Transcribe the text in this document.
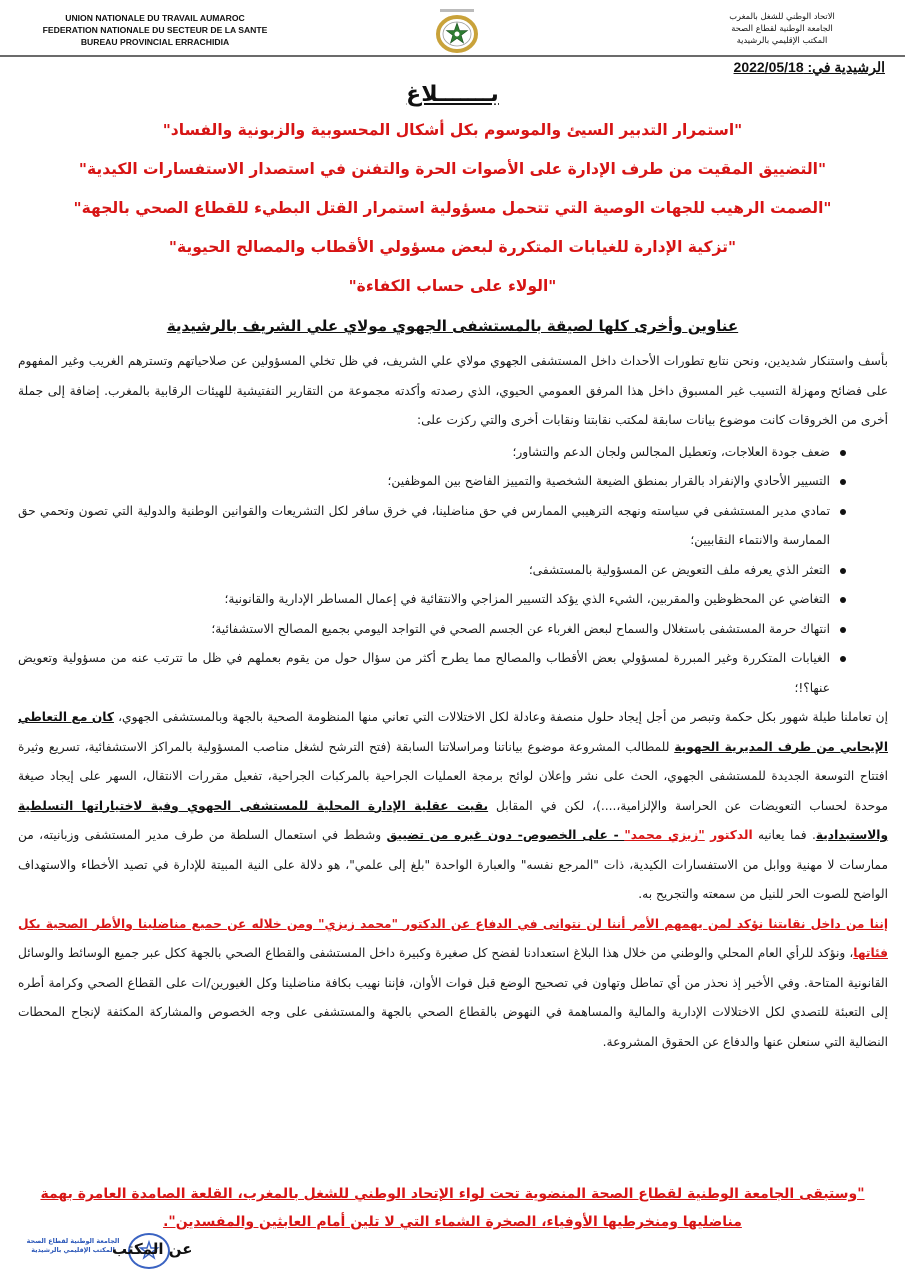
UNION NATIONALE DU TRAVAIL AUMAROC
FEDERATION NATIONALE DU SECTEUR DE LA SANTE
BUREAU PROVINCIAL ERRACHIDIA
الاتحاد الوطني للشغل بالمغرب
الجامعة الوطنية لقطاع الصحة
المكتب الإقليمي بالرشيدية
الرشيدية في: 2022/05/18
بـــــــلاغ
"استمرار التدبير السيئ والموسوم بكل أشكال المحسوبية والزبونية والفساد"
"التضييق المقيت من طرف الإدارة على الأصوات الحرة والتفنن في استصدار الاستفسارات الكيدية"
"الصمت الرهيب للجهات الوصية التي تتحمل مسؤولية استمرار القتل البطيء للقطاع الصحي بالجهة"
"تزكية الإدارة للغيابات المتكررة لبعض مسؤولي الأقطاب والمصالح الحيوية"
"الولاء على حساب الكفاءة"
عناوين وأخرى كلها لصيقة بالمستشفى الجهوي مولاي علي الشريف بالرشيدية

بأسف واستنكار شديدين، ونحن نتابع تطورات الأحداث داخل المستشفى الجهوي مولاي علي الشريف، في ظل تخلي المسؤولين عن صلاحياتهم وتسترهم الغريب وغير المفهوم على فضائح ومهزلة التسيب غير المسبوق داخل هذا المرفق العمومي الحيوي، الذي رصدته وأكدته مجموعة من التقارير التفتيشية للهيئات الرقابية بالمغرب. إضافة إلى جملة أخرى من الخروقات كانت موضوع بيانات سابقة لمكتب نقابتنا ونقابات أخرى والتي ركزت على:

ضعف جودة العلاجات، وتعطيل المجالس ولجان الدعم والتشاور؛
التسيير الأحادي والإنفراد بالقرار بمنطق الضيعة الشخصية والتمييز الفاضح بين الموظفين؛
تمادي مدير المستشفى في سياسته ونهجه الترهيبي الممارس في حق مناضلينا، في خرق سافر لكل التشريعات والقوانين الوطنية والدولية التي تصون وتحمي حق الممارسة والانتماء النقابيين؛
التعثر الذي يعرفه ملف التعويض عن المسؤولية بالمستشفى؛
التغاضي عن المحظوظين والمقربين، الشيء الذي يؤكد التسيير المزاجي والانتقائية في إعمال المساطر الإدارية والقانونية؛
انتهاك حرمة المستشفى باستغلال والسماح لبعض الغرباء عن الجسم الصحي في التواجد اليومي بجميع المصالح الاستشفائية؛
الغيابات المتكررة وغير المبررة لمسؤولي بعض الأقطاب والمصالح مما يطرح أكثر من سؤال حول من يقوم بعملهم في ظل ما تترتب عنه من مسؤولية وتعويض عنها؟!؛

إن تعاملنا طيلة شهور بكل حكمة وتبصر من أجل إيجاد حلول منصفة وعادلة لكل الاختلالات التي تعاني منها المنظومة الصحية بالجهة وبالمستشفى الجهوي، كان مع التعاطي الإيجابي من طرف المديرية الجهوية للمطالب المشروعة موضوع بياناتنا ومراسلاتنا السابقة (فتح الترشح لشغل مناصب المسؤولية بالمراكز الاستشفائية، تسريع وثيرة افتتاح التوسعة الجديدة للمستشفى الجهوي، الحث على نشر وإعلان لوائح برمجة العمليات الجراحية بالمركبات الجراحية، تفعيل مقررات الانتقال، السهر على إيجاد صيغة موحدة لحساب التعويضات عن الحراسة والإلزامية،....)، لكن في المقابل بقيت عقلية الإدارة المحلية للمستشفى الجهوي وفية لاختياراتها التسلطية والاستبدادية. فما يعانيه الدكتور "زيزي محمد" - على الخصوص- دون غيره من تضييق وشطط في استعمال السلطة من طرف مدير المستشفى وزبانيته، من ممارسات لا مهنية ووابل من الاستفسارات الكيدية، ذات "المرجع نفسه" والعبارة الواحدة "بلغ إلى علمي"، هو دلالة على النية المبيتة للإدارة في تصيد الأخطاء والاستهداف الواضح للصوت الحر للنيل من سمعته والتجريح به.

إننا من داخل نقابتنا نؤكد لمن يهمهم الأمر أننا لن نتوانى في الدفاع عن الدكتور "محمد زيزي" ومن خلاله عن جميع مناضلينا والأطر الصحية بكل فئاتها، ونؤكد للرأي العام المحلي والوطني من خلال هذا البلاغ استعدادنا لفضح كل صغيرة وكبيرة داخل المستشفى والقطاع الصحي بالجهة ككل عبر جميع الوسائط والوسائل القانونية المتاحة. وفي الأخير إذ نحذر من أي تماطل وتهاون في تصحيح الوضع قبل فوات الأوان، فإننا نهيب بكافة مناضلينا وكل الغيورين/ات على القطاع الصحي وكرامة أطره إلى التعبئة للتصدي لكل الاختلالات الإدارية والمالية والمساهمة في النهوض بالقطاع الصحي بالجهة والمستشفى على وجه الخصوص والمشاركة المكثفة لإنجاح المحطات النضالية التي سنعلن عنها والدفاع عن الحقوق المشروعة.

"وستبقى الجامعة الوطنية لقطاع الصحة المنضوية تحت لواء الإتحاد الوطني للشغل بالمغرب، القلعة الصامدة العامرة بهمة
مناضليها ومنخرطيها الأوفياء، الصخرة الشماء التي لا تلين أمام العابثين والمفسدين".
الجامعة الوطنية لقطاع الصحة
المكتب الإقليمي بالرشيدية
عن المكتب
